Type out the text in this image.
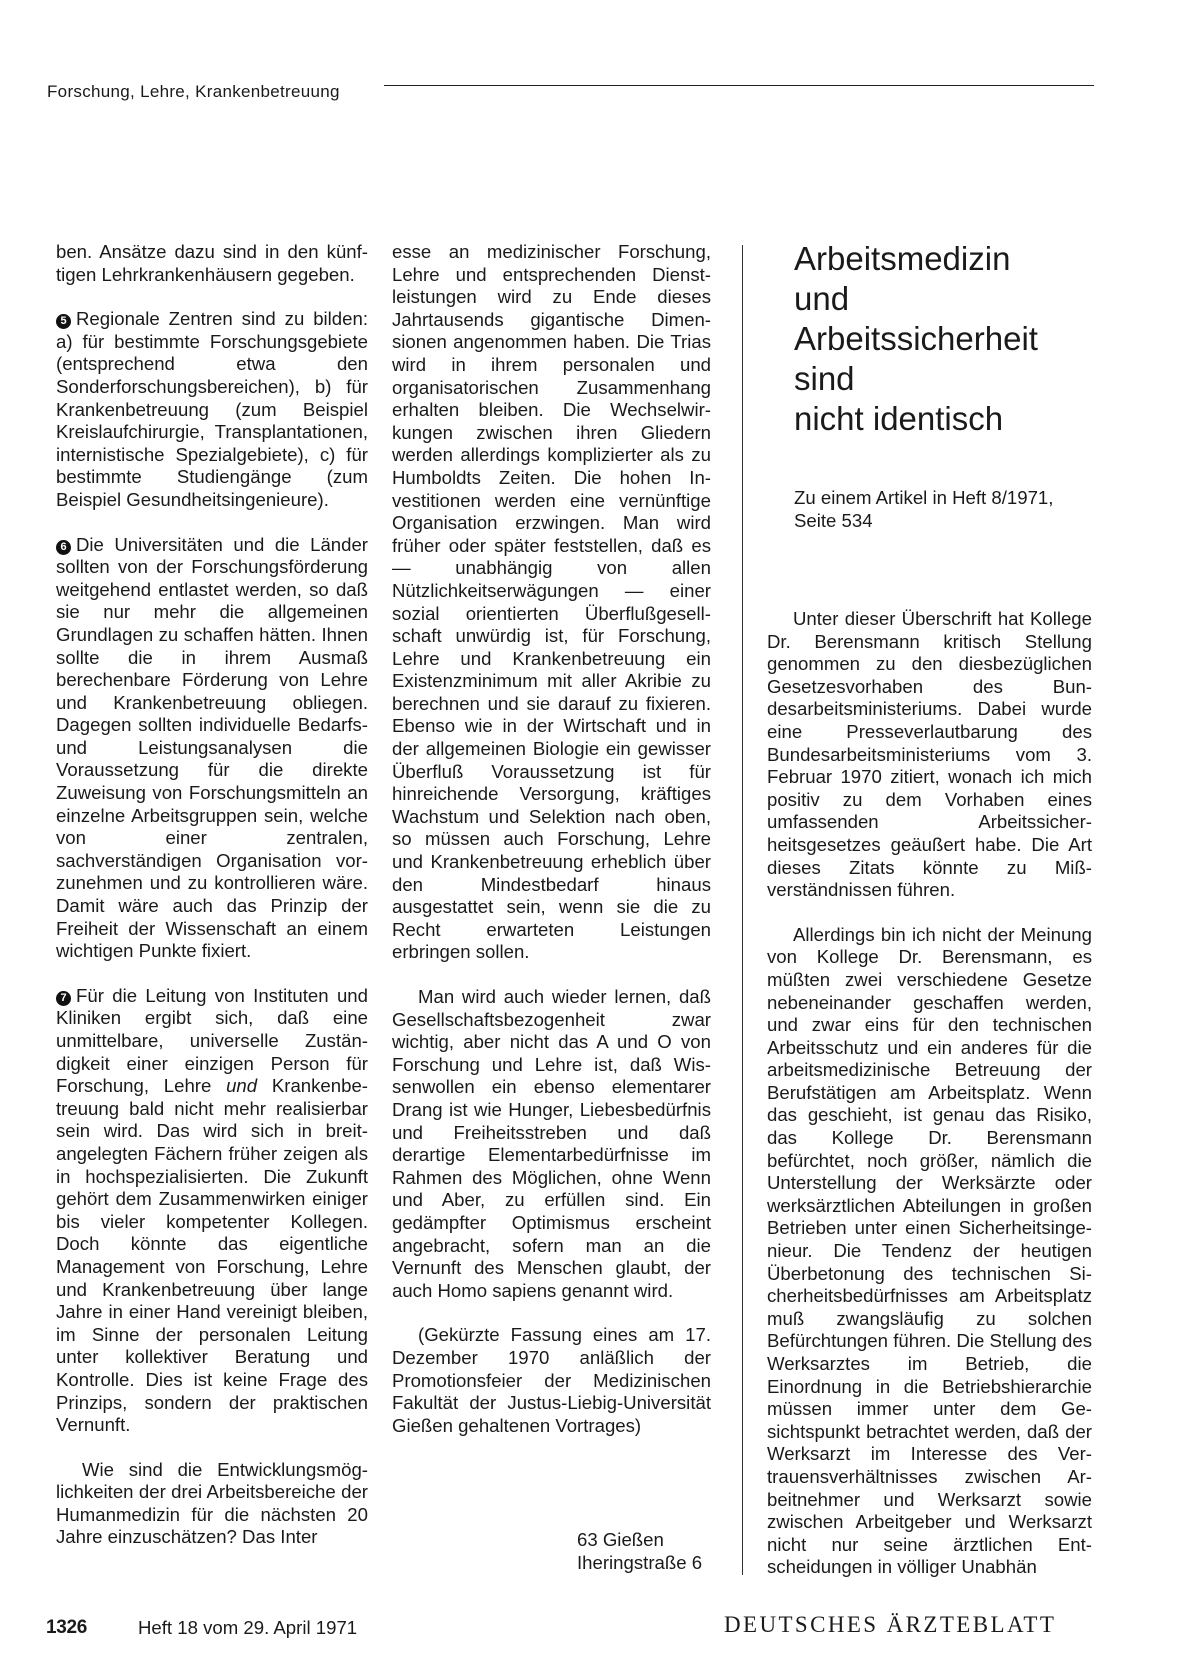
Forschung, Lehre, Krankenbetreuung

ben. Ansätze dazu sind in den künftigen Lehrkrankenhäusern gegeben.

5 Regionale Zentren sind zu bilden: a) für bestimmte Forschungsgebiete (entsprechend etwa den Sonderforschungsbereichen), b) für Krankenbetreuung (zum Beispiel Kreislaufchirurgie, Transplantationen, internistische Spezialgebiete), c) für bestimmte Studiengänge (zum Beispiel Gesundheitsingenieure).

6 Die Universitäten und die Länder sollten von der Forschungsförderung weitgehend entlastet werden, so daß sie nur mehr die allgemeinen Grundlagen zu schaffen hätten. Ihnen sollte die in ihrem Ausmaß berechenbare Förderung von Lehre und Krankenbetreuung obliegen. Dagegen sollten individuelle Bedarfs- und Leistungsanalysen die Voraussetzung für die direkte Zuweisung von Forschungsmitteln an einzelne Arbeitsgruppen sein, welche von einer zentralen, sachverständigen Organisation vorzunehmen und zu kontrollieren wäre. Damit wäre auch das Prinzip der Freiheit der Wissenschaft an einem wichtigen Punkte fixiert.

7 Für die Leitung von Instituten und Kliniken ergibt sich, daß eine unmittelbare, universelle Zuständigkeit einer einzigen Person für Forschung, Lehre und Krankenbetreuung bald nicht mehr realisierbar sein wird. Das wird sich in breitangelegten Fächern früher zeigen als in hochspezialisierten. Die Zukunft gehört dem Zusammenwirken einiger bis vieler kompetenter Kollegen. Doch könnte das eigentliche Management von Forschung, Lehre und Krankenbetreuung über lange Jahre in einer Hand vereinigt bleiben, im Sinne der personalen Leitung unter kollektiver Beratung und Kontrolle. Dies ist keine Frage des Prinzips, sondern der praktischen Vernunft.

Wie sind die Entwicklungsmöglichkeiten der drei Arbeitsbereiche der Humanmedizin für die nächsten 20 Jahre einzuschätzen? Das Inter

esse an medizinischer Forschung, Lehre und entsprechenden Dienstleistungen wird zu Ende dieses Jahrtausends gigantische Dimensionen angenommen haben. Die Trias wird in ihrem personalen und organisatorischen Zusammenhang erhalten bleiben. Die Wechselwirkungen zwischen ihren Gliedern werden allerdings komplizierter als zu Humboldts Zeiten. Die hohen Investitionen werden eine vernünftige Organisation erzwingen. Man wird früher oder später feststellen, daß es — unabhängig von allen Nützlichkeitserwägungen — einer sozial orientierten Überflußgesellschaft unwürdig ist, für Forschung, Lehre und Krankenbetreuung ein Existenzminimum mit aller Akribie zu berechnen und sie darauf zu fixieren. Ebenso wie in der Wirtschaft und in der allgemeinen Biologie ein gewisser Überfluß Voraussetzung ist für hinreichende Versorgung, kräftiges Wachstum und Selektion nach oben, so müssen auch Forschung, Lehre und Krankenbetreuung erheblich über den Mindestbedarf hinaus ausgestattet sein, wenn sie die zu Recht erwarteten Leistungen erbringen sollen.

Man wird auch wieder lernen, daß Gesellschaftsbezogenheit zwar wichtig, aber nicht das A und O von Forschung und Lehre ist, daß Wissenwollen ein ebenso elementarer Drang ist wie Hunger, Liebesbedürfnis und Freiheitsstreben und daß derartige Elementarbedürfnisse im Rahmen des Möglichen, ohne Wenn und Aber, zu erfüllen sind. Ein gedämpfter Optimismus erscheint angebracht, sofern man an die Vernunft des Menschen glaubt, der auch Homo sapiens genannt wird.

(Gekürzte Fassung eines am 17. Dezember 1970 anläßlich der Promotionsfeier der Medizinischen Fakultät der Justus-Liebig-Universität Gießen gehaltenen Vortrages)

63 Gießen
Iheringstraße 6
Arbeitsmedizin
und
Arbeitssicherheit
sind
nicht identisch
Zu einem Artikel in Heft 8/1971, Seite 534

Unter dieser Überschrift hat Kollege Dr. Berensmann kritisch Stellung genommen zu den diesbezüglichen Gesetzesvorhaben des Bundesarbeitsministeriums. Dabei wurde eine Presseverlautbarung des Bundesarbeitsministeriums vom 3. Februar 1970 zitiert, wonach ich mich positiv zu dem Vorhaben eines umfassenden Arbeitssicherheitsgesetzes geäußert habe. Die Art dieses Zitats könnte zu Mißverständnissen führen.

Allerdings bin ich nicht der Meinung von Kollege Dr. Berensmann, es müßten zwei verschiedene Gesetze nebeneinander geschaffen werden, und zwar eins für den technischen Arbeitsschutz und ein anderes für die arbeitsmedizinische Betreuung der Berufstätigen am Arbeitsplatz. Wenn das geschieht, ist genau das Risiko, das Kollege Dr. Berensmann befürchtet, noch größer, nämlich die Unterstellung der Werksärzte oder werksärztlichen Abteilungen in großen Betrieben unter einen Sicherheitsingenieur. Die Tendenz der heutigen Überbetonung des technischen Sicherheitsbedürfnisses am Arbeitsplatz muß zwangsläufig zu solchen Befürchtungen führen. Die Stellung des Werksarztes im Betrieb, die Einordnung in die Betriebshierarchie müssen immer unter dem Gesichtspunkt betrachtet werden, daß der Werksarzt im Interesse des Vertrauensverhältnisses zwischen Arbeitnehmer und Werksarzt sowie zwischen Arbeitgeber und Werksarzt nicht nur seine ärztlichen Entscheidungen in völliger Unabhän

1326	Heft 18 vom 29. April 1971	DEUTSCHES ÄRZTEBLATT
